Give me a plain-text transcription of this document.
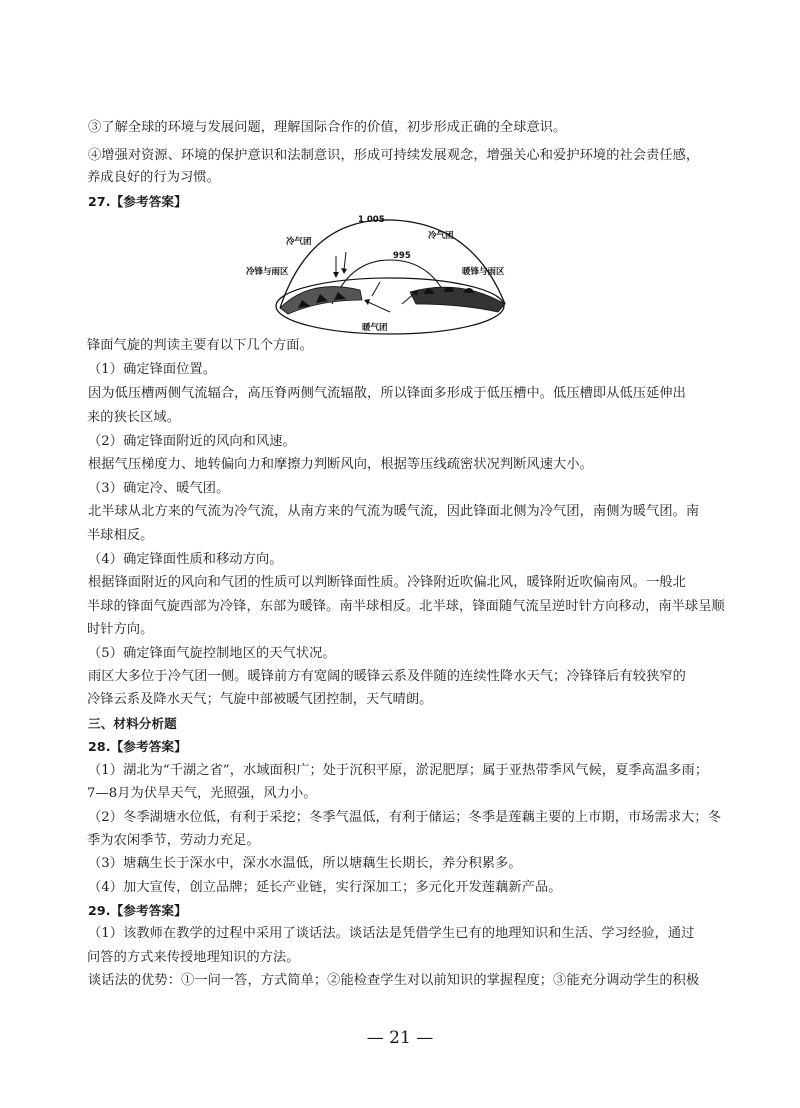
③了解全球的环境与发展问题，理解国际合作的价值，初步形成正确的全球意识。
④增强对资源、环境的保护意识和法制意识，形成可持续发展观念，增强关心和爱护环境的社会责任感，
养成良好的行为习惯。
27.【参考答案】
1 005
995
冷气团
冷气团
冷锋与雨区	暖锋与雨区
暖气团
锋面气旋的判读主要有以下几个方面。
（1）确定锋面位置。
因为低压槽两侧气流辐合，高压脊两侧气流辐散，所以锋面多形成于低压槽中。低压槽即从低压延伸出
来的狭长区域。
（2）确定锋面附近的风向和风速。
根据气压梯度力、地转偏向力和摩擦力判断风向，根据等压线疏密状况判断风速大小。
（3）确定冷、暖气团。
北半球从北方来的气流为冷气流，从南方来的气流为暖气流，因此锋面北侧为冷气团，南侧为暖气团。南
半球相反。
（4）确定锋面性质和移动方向。
根据锋面附近的风向和气团的性质可以判断锋面性质。冷锋附近吹偏北风，暖锋附近吹偏南风。一般北
半球的锋面气旋西部为冷锋，东部为暖锋。南半球相反。北半球，锋面随气流呈逆时针方向移动，南半球呈顺
时针方向。
（5）确定锋面气旋控制地区的天气状况。
雨区大多位于冷气团一侧。暖锋前方有宽阔的暖锋云系及伴随的连续性降水天气；冷锋锋后有较狭窄的
冷锋云系及降水天气；气旋中部被暖气团控制，天气晴朗。
三、材料分析题
28.【参考答案】
（1）湖北为“千湖之省”，水域面积广；处于沉积平原，淤泥肥厚；属于亚热带季风气候，夏季高温多雨；
7—8月为伏旱天气，光照强，风力小。
（2）冬季湖塘水位低，有利于采挖；冬季气温低，有利于储运；冬季是莲藕主要的上市期，市场需求大；冬
季为农闲季节，劳动力充足。
（3）塘藕生长于深水中，深水水温低，所以塘藕生长期长，养分积累多。
（4）加大宣传，创立品牌；延长产业链，实行深加工；多元化开发莲藕新产品。
29.【参考答案】
（1）该教师在教学的过程中采用了谈话法。谈话法是凭借学生已有的地理知识和生活、学习经验，通过
问答的方式来传授地理知识的方法。
谈话法的优势：①一问一答，方式简单；②能检查学生对以前知识的掌握程度；③能充分调动学生的积极
— 21 —
